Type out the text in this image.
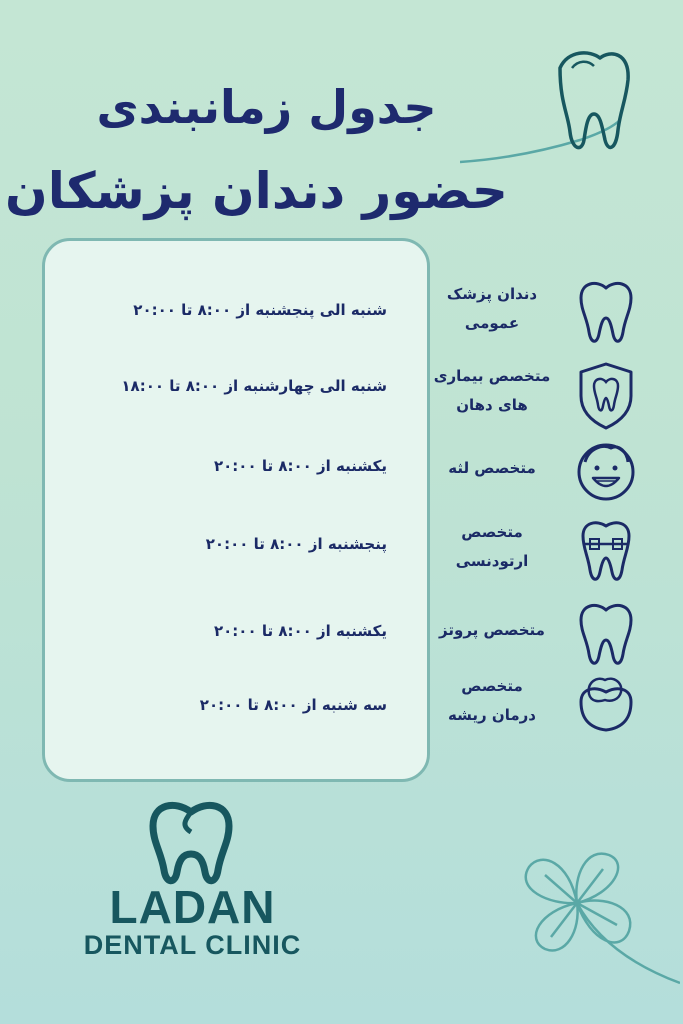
جدول زمانبندی
حضور دندان پزشکان
شنبه الی پنجشنبه از ۸:۰۰ تا ۲۰:۰۰
شنبه الی چهارشنبه از ۸:۰۰ تا ۱۸:۰۰
یکشنبه از ۸:۰۰ تا ۲۰:۰۰
پنجشنبه از ۸:۰۰ تا ۲۰:۰۰
یکشنبه از ۸:۰۰ تا ۲۰:۰۰
سه شنبه از ۸:۰۰ تا ۲۰:۰۰
دندان پزشک
عمومی
متخصص بیماری
های دهان
متخصص لثه
متخصص
ارتودنسی
متخصص پروتز
متخصص
درمان ریشه
LADAN
DENTAL CLINIC
